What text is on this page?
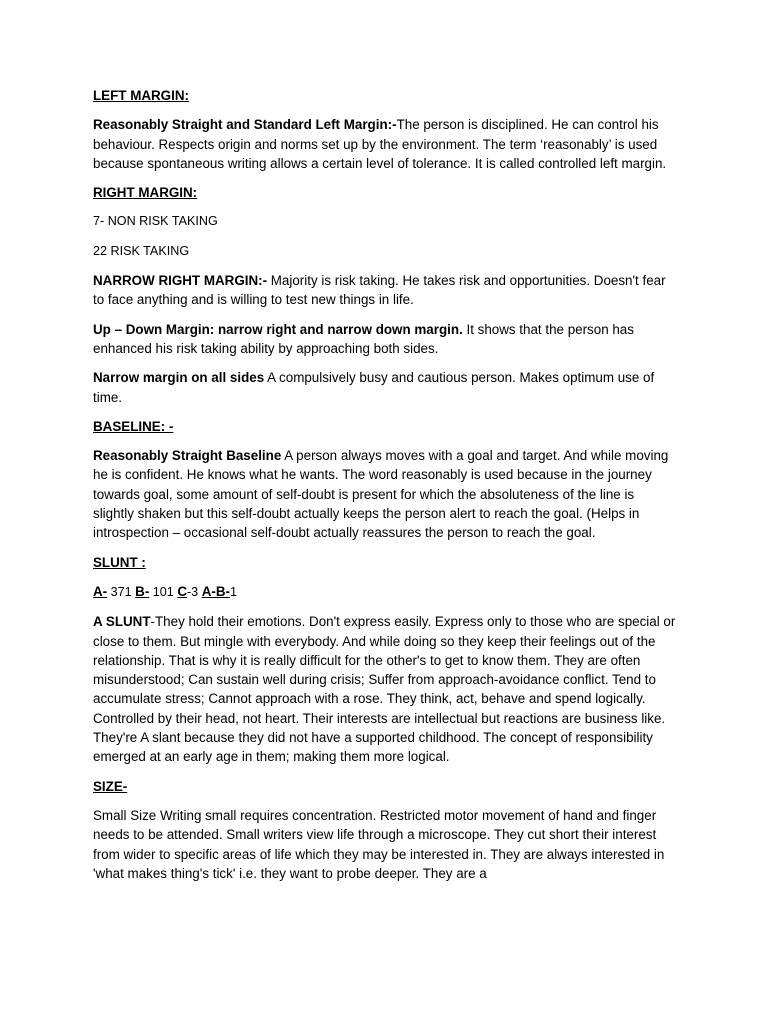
LEFT MARGIN:

Reasonably Straight and Standard Left Margin:-The person is disciplined. He can control his behaviour. Respects origin and norms set up by the environment. The term ‘reasonably’ is used because spontaneous writing allows a certain level of tolerance. It is called controlled left margin.

RIGHT MARGIN:

7- NON RISK TAKING

22 RISK TAKING

NARROW RIGHT MARGIN:- Majority is risk taking. He takes risk and opportunities. Doesn't fear to face anything and is willing to test new things in life.

Up – Down Margin: narrow right and narrow down margin. It shows that the person has enhanced his risk taking ability by approaching both sides.

Narrow margin on all sides A compulsively busy and cautious person. Makes optimum use of time.

BASELINE: -

Reasonably Straight Baseline A person always moves with a goal and target. And while moving he is confident. He knows what he wants. The word reasonably is used because in the journey towards goal, some amount of self-doubt is present for which the absoluteness of the line is slightly shaken but this self-doubt actually keeps the person alert to reach the goal. (Helps in introspection – occasional self-doubt actually reassures the person to reach the goal.

SLUNT :

A- 371 B- 101 C-3 A-B-1

A SLUNT-They hold their emotions. Don't express easily. Express only to those who are special or close to them. But mingle with everybody. And while doing so they keep their feelings out of the relationship. That is why it is really difficult for the other's to get to know them. They are often misunderstood; Can sustain well during crisis; Suffer from approach-avoidance conflict. Tend to accumulate stress; Cannot approach with a rose. They think, act, behave and spend logically. Controlled by their head, not heart. Their interests are intellectual but reactions are business like. They're A slant because they did not have a supported childhood. The concept of responsibility emerged at an early age in them; making them more logical.

SIZE-

Small Size Writing small requires concentration. Restricted motor movement of hand and finger needs to be attended. Small writers view life through a microscope. They cut short their interest from wider to specific areas of life which they may be interested in. They are always interested in 'what makes thing's tick' i.e. they want to probe deeper. They are a
